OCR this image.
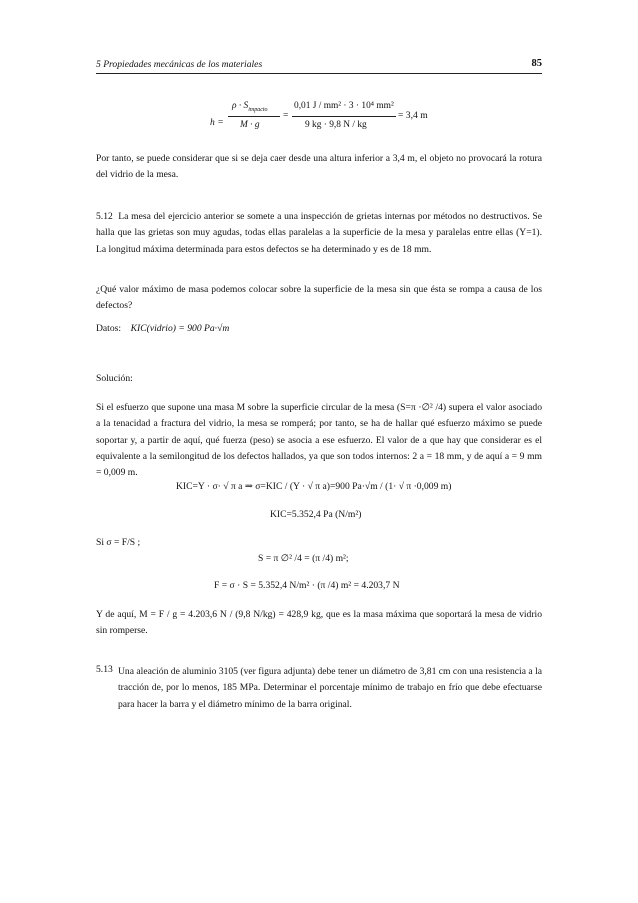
5 Propiedades mecánicas de los materiales	85
h =
$\rho \cdot S_{impacto}$
M · g
=
0,01 J / mm² · 3 · 10⁴ mm²
9 kg · 9,8 N / kg
= 3,4 m

Por tanto, se puede considerar que si se deja caer desde una altura inferior a 3,4 m, el objeto no provocará la rotura del vidrio de la mesa.

5.12 La mesa del ejercicio anterior se somete a una inspección de grietas internas por métodos no destructivos. Se halla que las grietas son muy agudas, todas ellas paralelas a la superficie de la mesa y paralelas entre ellas (Y=1). La longitud máxima determinada para estos defectos se ha determinado y es de 18 mm.

¿Qué valor máximo de masa podemos colocar sobre la superficie de la mesa sin que ésta se rompa a causa de los defectos?

Datos: KIC(vidrio) = 900 Pa·√m

Solución:

Si el esfuerzo que supone una masa M sobre la superficie circular de la mesa (S=π ·∅² /4) supera el valor asociado a la tenacidad a fractura del vidrio, la mesa se romperá; por tanto, se ha de hallar qué esfuerzo máximo se puede soportar y, a partir de aquí, qué fuerza (peso) se asocia a ese esfuerzo. El valor de a que hay que considerar es el equivalente a la semilongitud de los defectos hallados, ya que son todos internos: 2 a = 18 mm, y de aquí a = 9 mm = 0,009 m.

KIC=Y · σ· √ π a ⇒ σ=KIC / (Y · √ π a)=900 Pa·√m / (1· √ π ·0,009 m)
KIC=5.352,4 Pa (N/m²)
Si σ = F/S ;
S = π ∅² /4 = (π /4) m²;
F = σ · S = 5.352,4 N/m² · (π /4) m² = 4.203,7 N

Y de aquí, M = F / g = 4.203,6 N / (9,8 N/kg) = 428,9 kg, que es la masa máxima que soportará la mesa de vidrio sin romperse.

5.13 Una aleación de aluminio 3105 (ver figura adjunta) debe tener un diámetro de 3,81 cm con una resistencia a la tracción de, por lo menos, 185 MPa. Determinar el porcentaje mínimo de trabajo en frío que debe efectuarse para hacer la barra y el diámetro mínimo de la barra original.
